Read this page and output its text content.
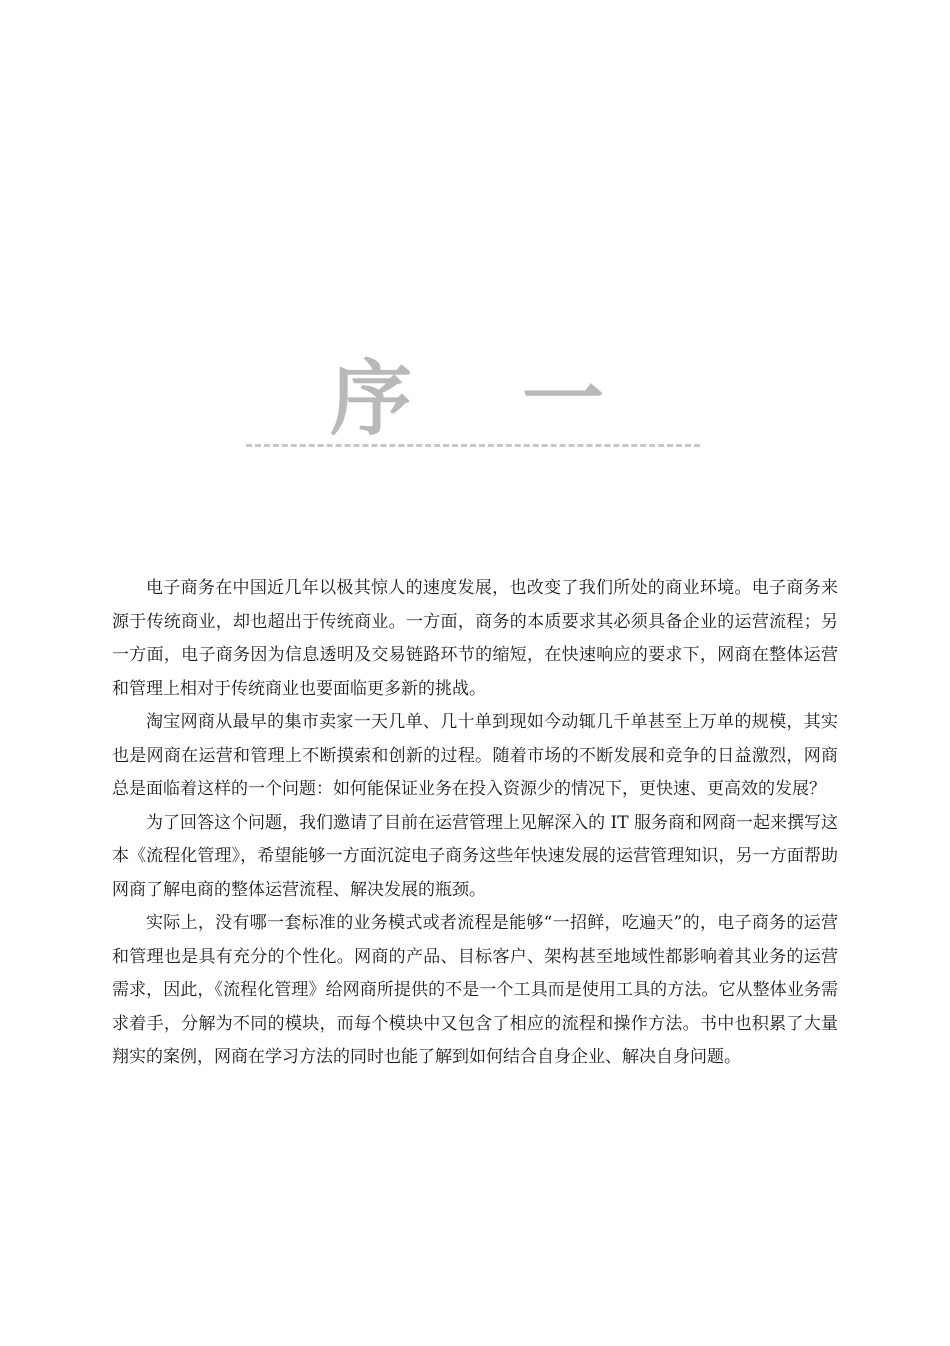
序 一

电子商务在中国近几年以极其惊人的速度发展，也改变了我们所处的商业环境。电子商务来源于传统商业，却也超出于传统商业。一方面，商务的本质要求其必须具备企业的运营流程；另一方面，电子商务因为信息透明及交易链路环节的缩短，在快速响应的要求下，网商在整体运营和管理上相对于传统商业也要面临更多新的挑战。

淘宝网商从最早的集市卖家一天几单、几十单到现如今动辄几千单甚至上万单的规模，其实也是网商在运营和管理上不断摸索和创新的过程。随着市场的不断发展和竞争的日益激烈，网商总是面临着这样的一个问题：如何能保证业务在投入资源少的情况下，更快速、更高效的发展？

为了回答这个问题，我们邀请了目前在运营管理上见解深入的 IT 服务商和网商一起来撰写这本《流程化管理》，希望能够一方面沉淀电子商务这些年快速发展的运营管理知识，另一方面帮助网商了解电商的整体运营流程、解决发展的瓶颈。

实际上，没有哪一套标准的业务模式或者流程是能够“一招鲜，吃遍天”的，电子商务的运营和管理也是具有充分的个性化。网商的产品、目标客户、架构甚至地域性都影响着其业务的运营需求，因此，《流程化管理》给网商所提供的不是一个工具而是使用工具的方法。它从整体业务需求着手，分解为不同的模块，而每个模块中又包含了相应的流程和操作方法。书中也积累了大量翔实的案例，网商在学习方法的同时也能了解到如何结合自身企业、解决自身问题。
